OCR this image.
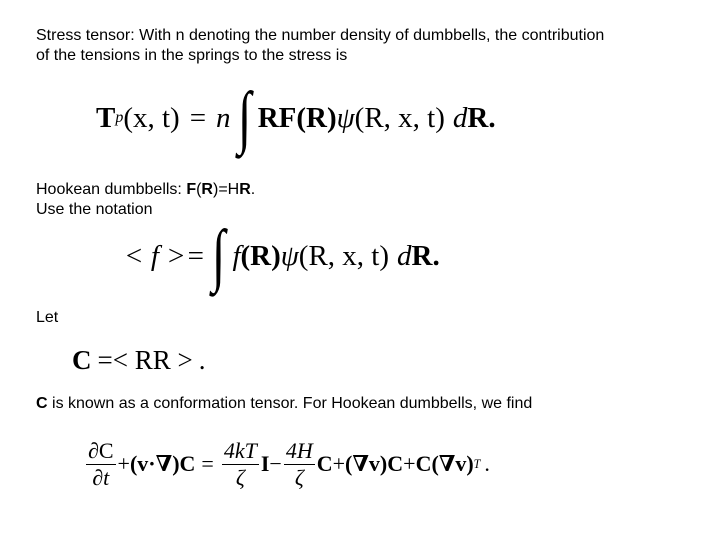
Stress tensor: With n denoting the number density of dumbbells, the contribution
of the tensions in the springs to the stress is
T p (x, t) = n ∫ RF(R) ψ (R, x, t) d R.
Hookean dumbbells: F(R)=HR.
Use the notation
< f >= ∫ f (R) ψ (R, x, t) d R.
Let
C =< RR > .
C is known as a conformation tensor. For Hookean dumbbells, we find
$\frac{\partial C}{\partial t} + (v\cdot\nabla)C = \frac{4kT}{\zeta}$ $I - \frac{4H}{\zeta}$ C + (∇v)C + C(∇v) T .
